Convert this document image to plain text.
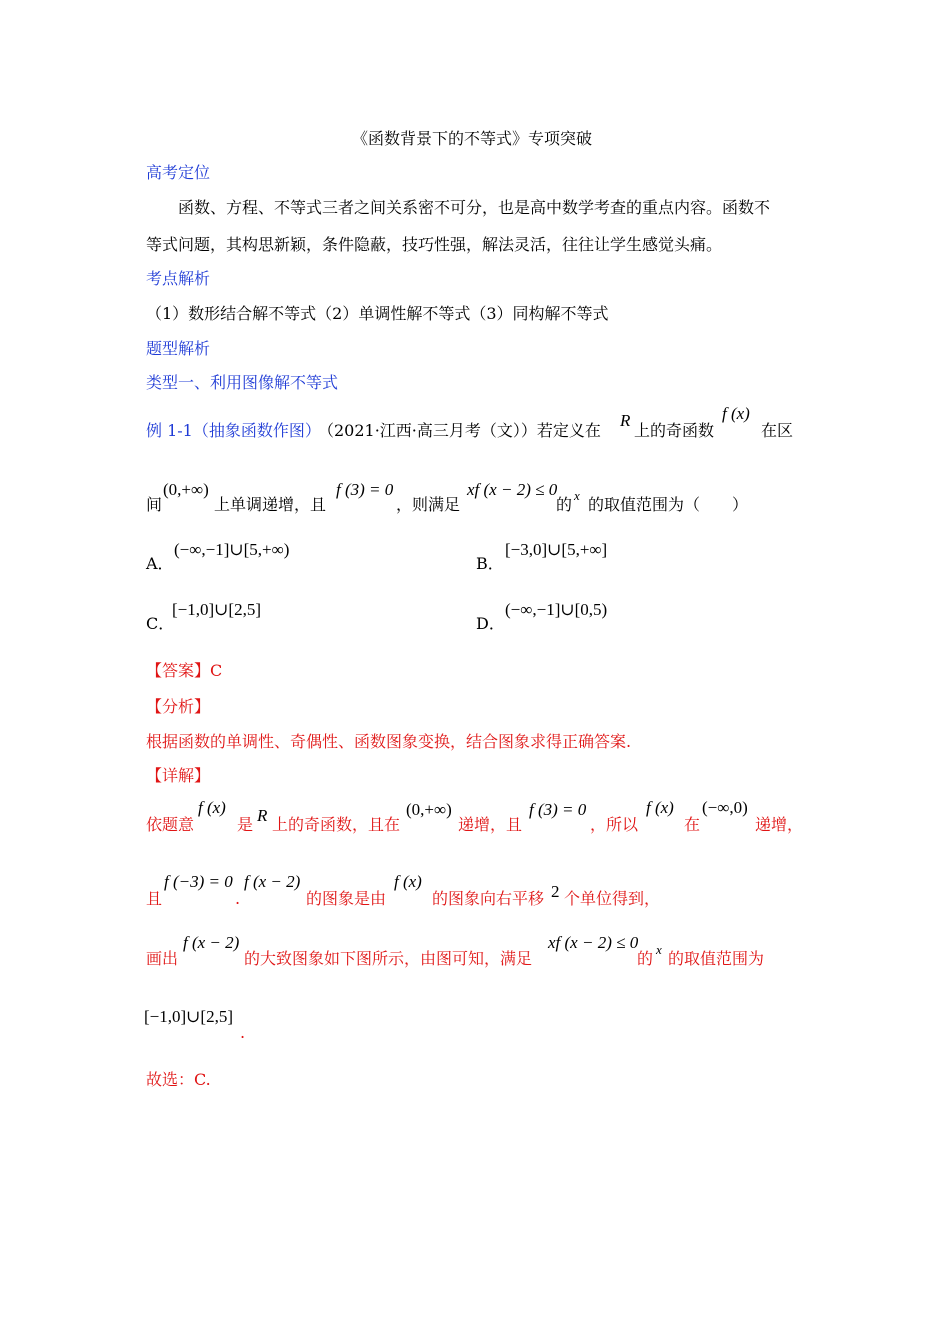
《函数背景下的不等式》专项突破
高考定位
函数、方程、不等式三者之间关系密不可分，也是高中数学考查的重点内容。函数不
等式问题，其构思新颖，条件隐蔽，技巧性强，解法灵活，往往让学生感觉头痛。
考点解析
（1）数形结合解不等式（2）单调性解不等式（3）同构解不等式
题型解析
类型一、利用图像解不等式
例 1-1（抽象函数作图）
（2021·江西·高三月考（文））若定义在
R
上的奇函数
f (x)
在区
间
(0,+∞)
上单调递增，且
f (3) = 0
，则满足
xf (x − 2) ≤ 0
的 x 的取值范围为（　　）
A．
(−∞,−1]∪[5,+∞)
B．
[−3,0]∪[5,+∞]
C．
[−1,0]∪[2,5]
D．
(−∞,−1]∪[0,5)
【答案】C
【分析】
根据函数的单调性、奇偶性、函数图象变换，结合图象求得正确答案.
【详解】
依题意
f (x)
是 R 上的奇函数，且在
(0,+∞)
递增，且
f (3) = 0
，所以
f (x)
在
(−∞,0)
递增，
且
f (−3) = 0
.
f (x − 2)
的图象是由
f (x)
的图象向右平移 2 个单位得到，
画出
f (x − 2)
的大致图象如下图所示，由图可知，满足
xf (x − 2) ≤ 0
的 x 的取值范围为
[−1,0]∪[2,5]
.
故选：C.
